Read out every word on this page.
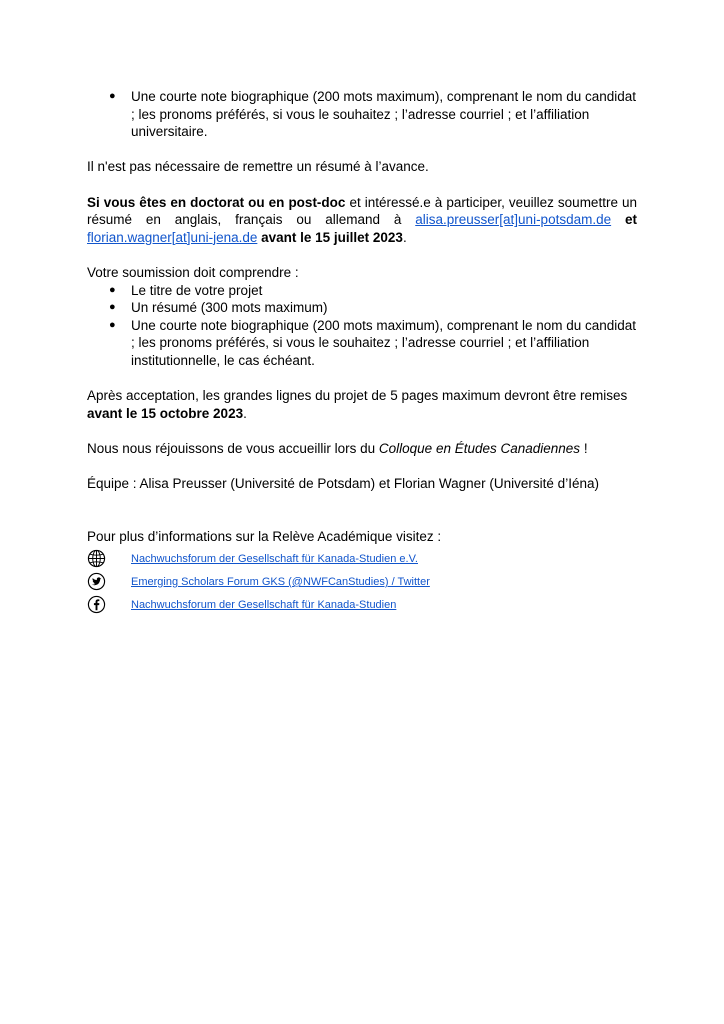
● Une courte note biographique (200 mots maximum), comprenant le nom du candidat ; les pronoms préférés, si vous le souhaitez ; l’adresse courriel ; et l’affiliation universitaire.

Il n'est pas nécessaire de remettre un résumé à l’avance.

Si vous êtes en doctorat ou en post-doc et intéressé.e à participer, veuillez soumettre un résumé en anglais, français ou allemand à alisa.preusser[at]uni-potsdam.de et florian.wagner[at]uni-jena.de avant le 15 juillet 2023.

Votre soumission doit comprendre :

● Le titre de votre projet
● Un résumé (300 mots maximum)
● Une courte note biographique (200 mots maximum), comprenant le nom du candidat ; les pronoms préférés, si vous le souhaitez ; l’adresse courriel ; et l’affiliation institutionnelle, le cas échéant.

Après acceptation, les grandes lignes du projet de 5 pages maximum devront être remises avant le 15 octobre 2023.

Nous nous réjouissons de vous accueillir lors du Colloque en Études Canadiennes !

Équipe : Alisa Preusser (Université de Potsdam) et Florian Wagner (Université d’Iéna)

Pour plus d’informations sur la Relève Académique visitez :

Nachwuchsforum der Gesellschaft für Kanada-Studien e.V.
Emerging Scholars Forum GKS (@NWFCanStudies) / Twitter
Nachwuchsforum der Gesellschaft für Kanada-Studien
